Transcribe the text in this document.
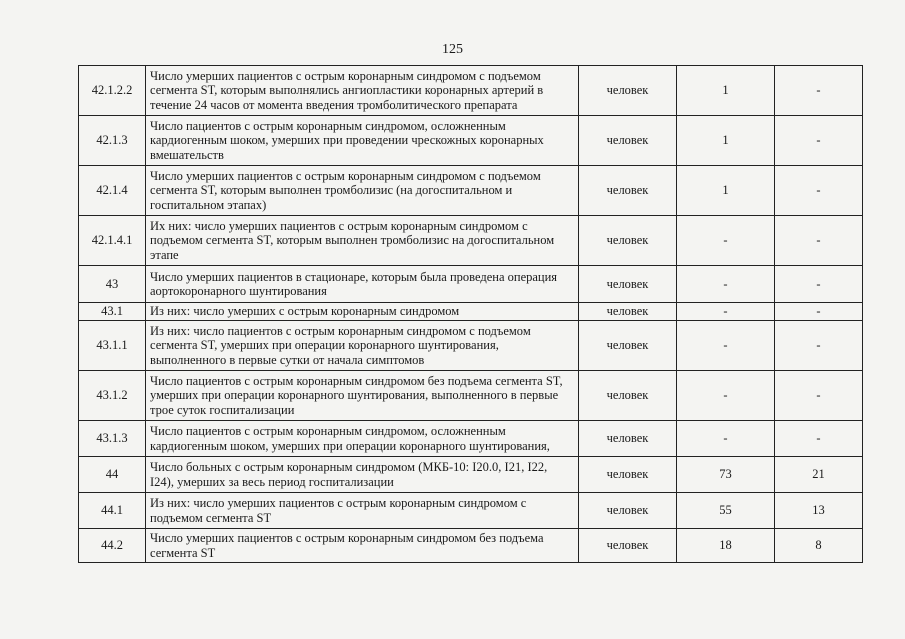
125
42.1.2.2	Число умерших пациентов с острым коронарным синдромом с подъемом сегмента ST, которым выполнялись ангиопластики коронарных артерий в течение 24 часов от момента введения тромболитического препарата	человек	1	-
42.1.3	Число пациентов с острым коронарным синдромом, осложненным кардиогенным шоком, умерших при проведении чрескожных коронарных вмешательств	человек	1	-
42.1.4	Число умерших пациентов с острым коронарным синдромом с подъемом сегмента ST, которым выполнен тромболизис (на догоспитальном и госпитальном этапах)	человек	1	-
42.1.4.1	Их них: число умерших пациентов с острым коронарным синдромом с подъемом сегмента ST, которым выполнен тромболизис на догоспитальном этапе	человек	-	-
43	Число умерших пациентов в стационаре, которым была проведена операция аортокоронарного шунтирования	человек	-	-
43.1	Из них: число умерших с острым коронарным синдромом	человек	-	-
43.1.1	Из них: число пациентов с острым коронарным синдромом с подъемом сегмента ST, умерших при операции коронарного шунтирования, выполненного в первые сутки от начала симптомов	человек	-	-
43.1.2	Число пациентов с острым коронарным синдромом без подъема сегмента ST, умерших при операции коронарного шунтирования, выполненного в первые трое суток госпитализации	человек	-	-
43.1.3	Число пациентов с острым коронарным синдромом, осложненным кардиогенным шоком, умерших при операции коронарного шунтирования,	человек	-	-
44	Число больных с острым коронарным синдромом (МКБ-10: I20.0, I21, I22, I24), умерших за весь период госпитализации	человек	73	21
44.1	Из них: число умерших пациентов с острым коронарным синдромом с подъемом сегмента ST	человек	55	13
44.2	Число умерших пациентов с острым коронарным синдромом без подъема сегмента ST	человек	18	8
